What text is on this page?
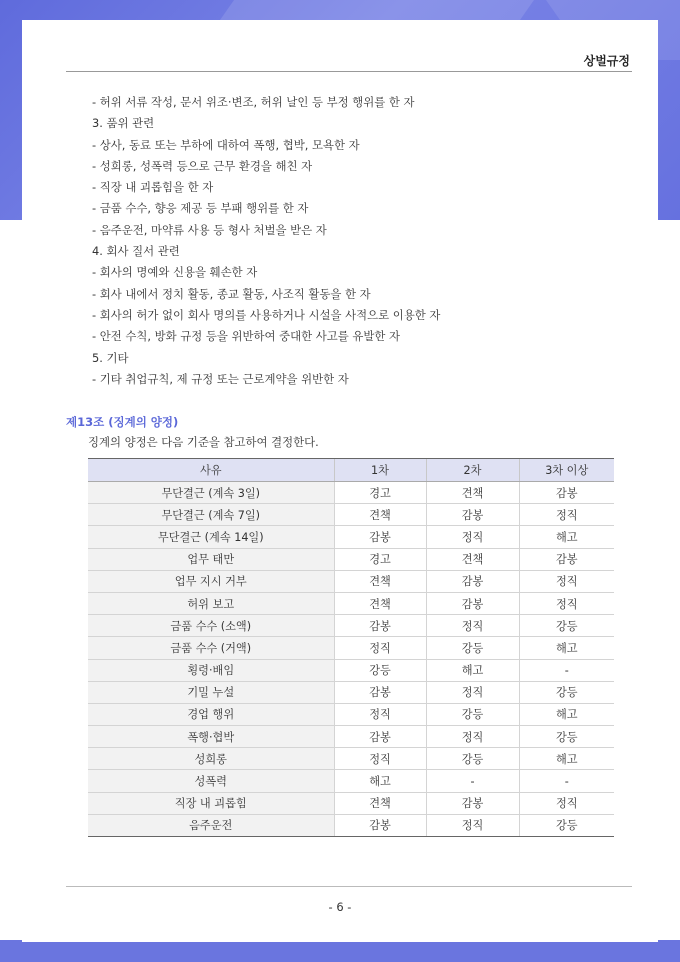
상벌규정
- 허위 서류 작성, 문서 위조·변조, 허위 날인 등 부정 행위를 한 자
3. 품위 관련
- 상사, 동료 또는 부하에 대하여 폭행, 협박, 모욕한 자
- 성희롱, 성폭력 등으로 근무 환경을 해친 자
- 직장 내 괴롭힘을 한 자
- 금품 수수, 향응 제공 등 부패 행위를 한 자
- 음주운전, 마약류 사용 등 형사 처벌을 받은 자
4. 회사 질서 관련
- 회사의 명예와 신용을 훼손한 자
- 회사 내에서 정치 활동, 종교 활동, 사조직 활동을 한 자
- 회사의 허가 없이 회사 명의를 사용하거나 시설을 사적으로 이용한 자
- 안전 수칙, 방화 규정 등을 위반하여 중대한 사고를 유발한 자
5. 기타
- 기타 취업규칙, 제 규정 또는 근로계약을 위반한 자
제13조 (징계의 양정)
징계의 양정은 다음 기준을 참고하여 결정한다.
사유	1차	2차	3차 이상
무단결근 (계속 3일)	경고	견책	감봉
무단결근 (계속 7일)	견책	감봉	정직
무단결근 (계속 14일)	감봉	정직	해고
업무 태만	경고	견책	감봉
업무 지시 거부	견책	감봉	정직
허위 보고	견책	감봉	정직
금품 수수 (소액)	감봉	정직	강등
금품 수수 (거액)	정직	강등	해고
횡령·배임	강등	해고	-
기밀 누설	감봉	정직	강등
경업 행위	정직	강등	해고
폭행·협박	감봉	정직	강등
성희롱	정직	강등	해고
성폭력	해고	-	-
직장 내 괴롭힘	견책	감봉	정직
음주운전	감봉	정직	강등
- 6 -
